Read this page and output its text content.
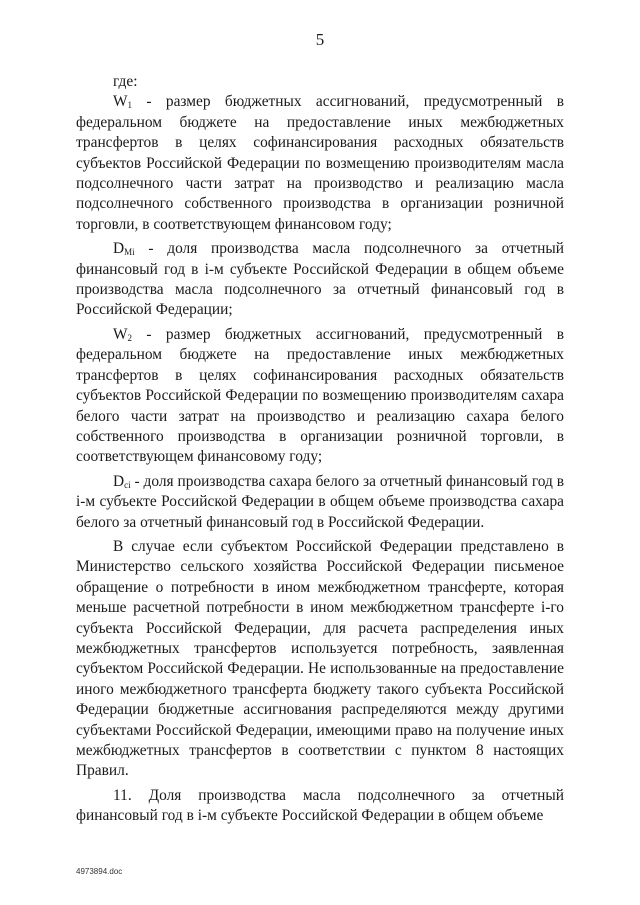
5

где:

$W_1$ - размер бюджетных ассигнований, предусмотренный в федеральном бюджете на предоставление иных межбюджетных трансфертов в целях софинансирования расходных обязательств субъектов Российской Федерации по возмещению производителям масла подсолнечного части затрат на производство и реализацию масла подсолнечного собственного производства в организации розничной торговли, в соответствующем финансовом году;

$D_{Mi}$ - доля производства масла подсолнечного за отчетный финансовый год в i-м субъекте Российской Федерации в общем объеме производства масла подсолнечного за отчетный финансовый год в Российской Федерации;

$W_2$ - размер бюджетных ассигнований, предусмотренный в федеральном бюджете на предоставление иных межбюджетных трансфертов в целях софинансирования расходных обязательств субъектов Российской Федерации по возмещению производителям сахара белого части затрат на производство и реализацию сахара белого собственного производства в организации розничной торговли, в соответствующем финансовому году;

$D_{ci}$ - доля производства сахара белого за отчетный финансовый год в i-м субъекте Российской Федерации в общем объеме производства сахара белого за отчетный финансовый год в Российской Федерации.

В случае если субъектом Российской Федерации представлено в Министерство сельского хозяйства Российской Федерации письменое обращение о потребности в ином межбюджетном трансферте, которая меньше расчетной потребности в ином межбюджетном трансферте i-го субъекта Российской Федерации, для расчета распределения иных межбюджетных трансфертов используется потребность, заявленная субъектом Российской Федерации. Не использованные на предоставление иного межбюджетного трансферта бюджету такого субъекта Российской Федерации бюджетные ассигнования распределяются между другими субъектами Российской Федерации, имеющими право на получение иных межбюджетных трансфертов в соответствии с пунктом 8 настоящих Правил.

11. Доля производства масла подсолнечного за отчетный финансовый год в i-м субъекте Российской Федерации в общем объеме

4973894.doc
